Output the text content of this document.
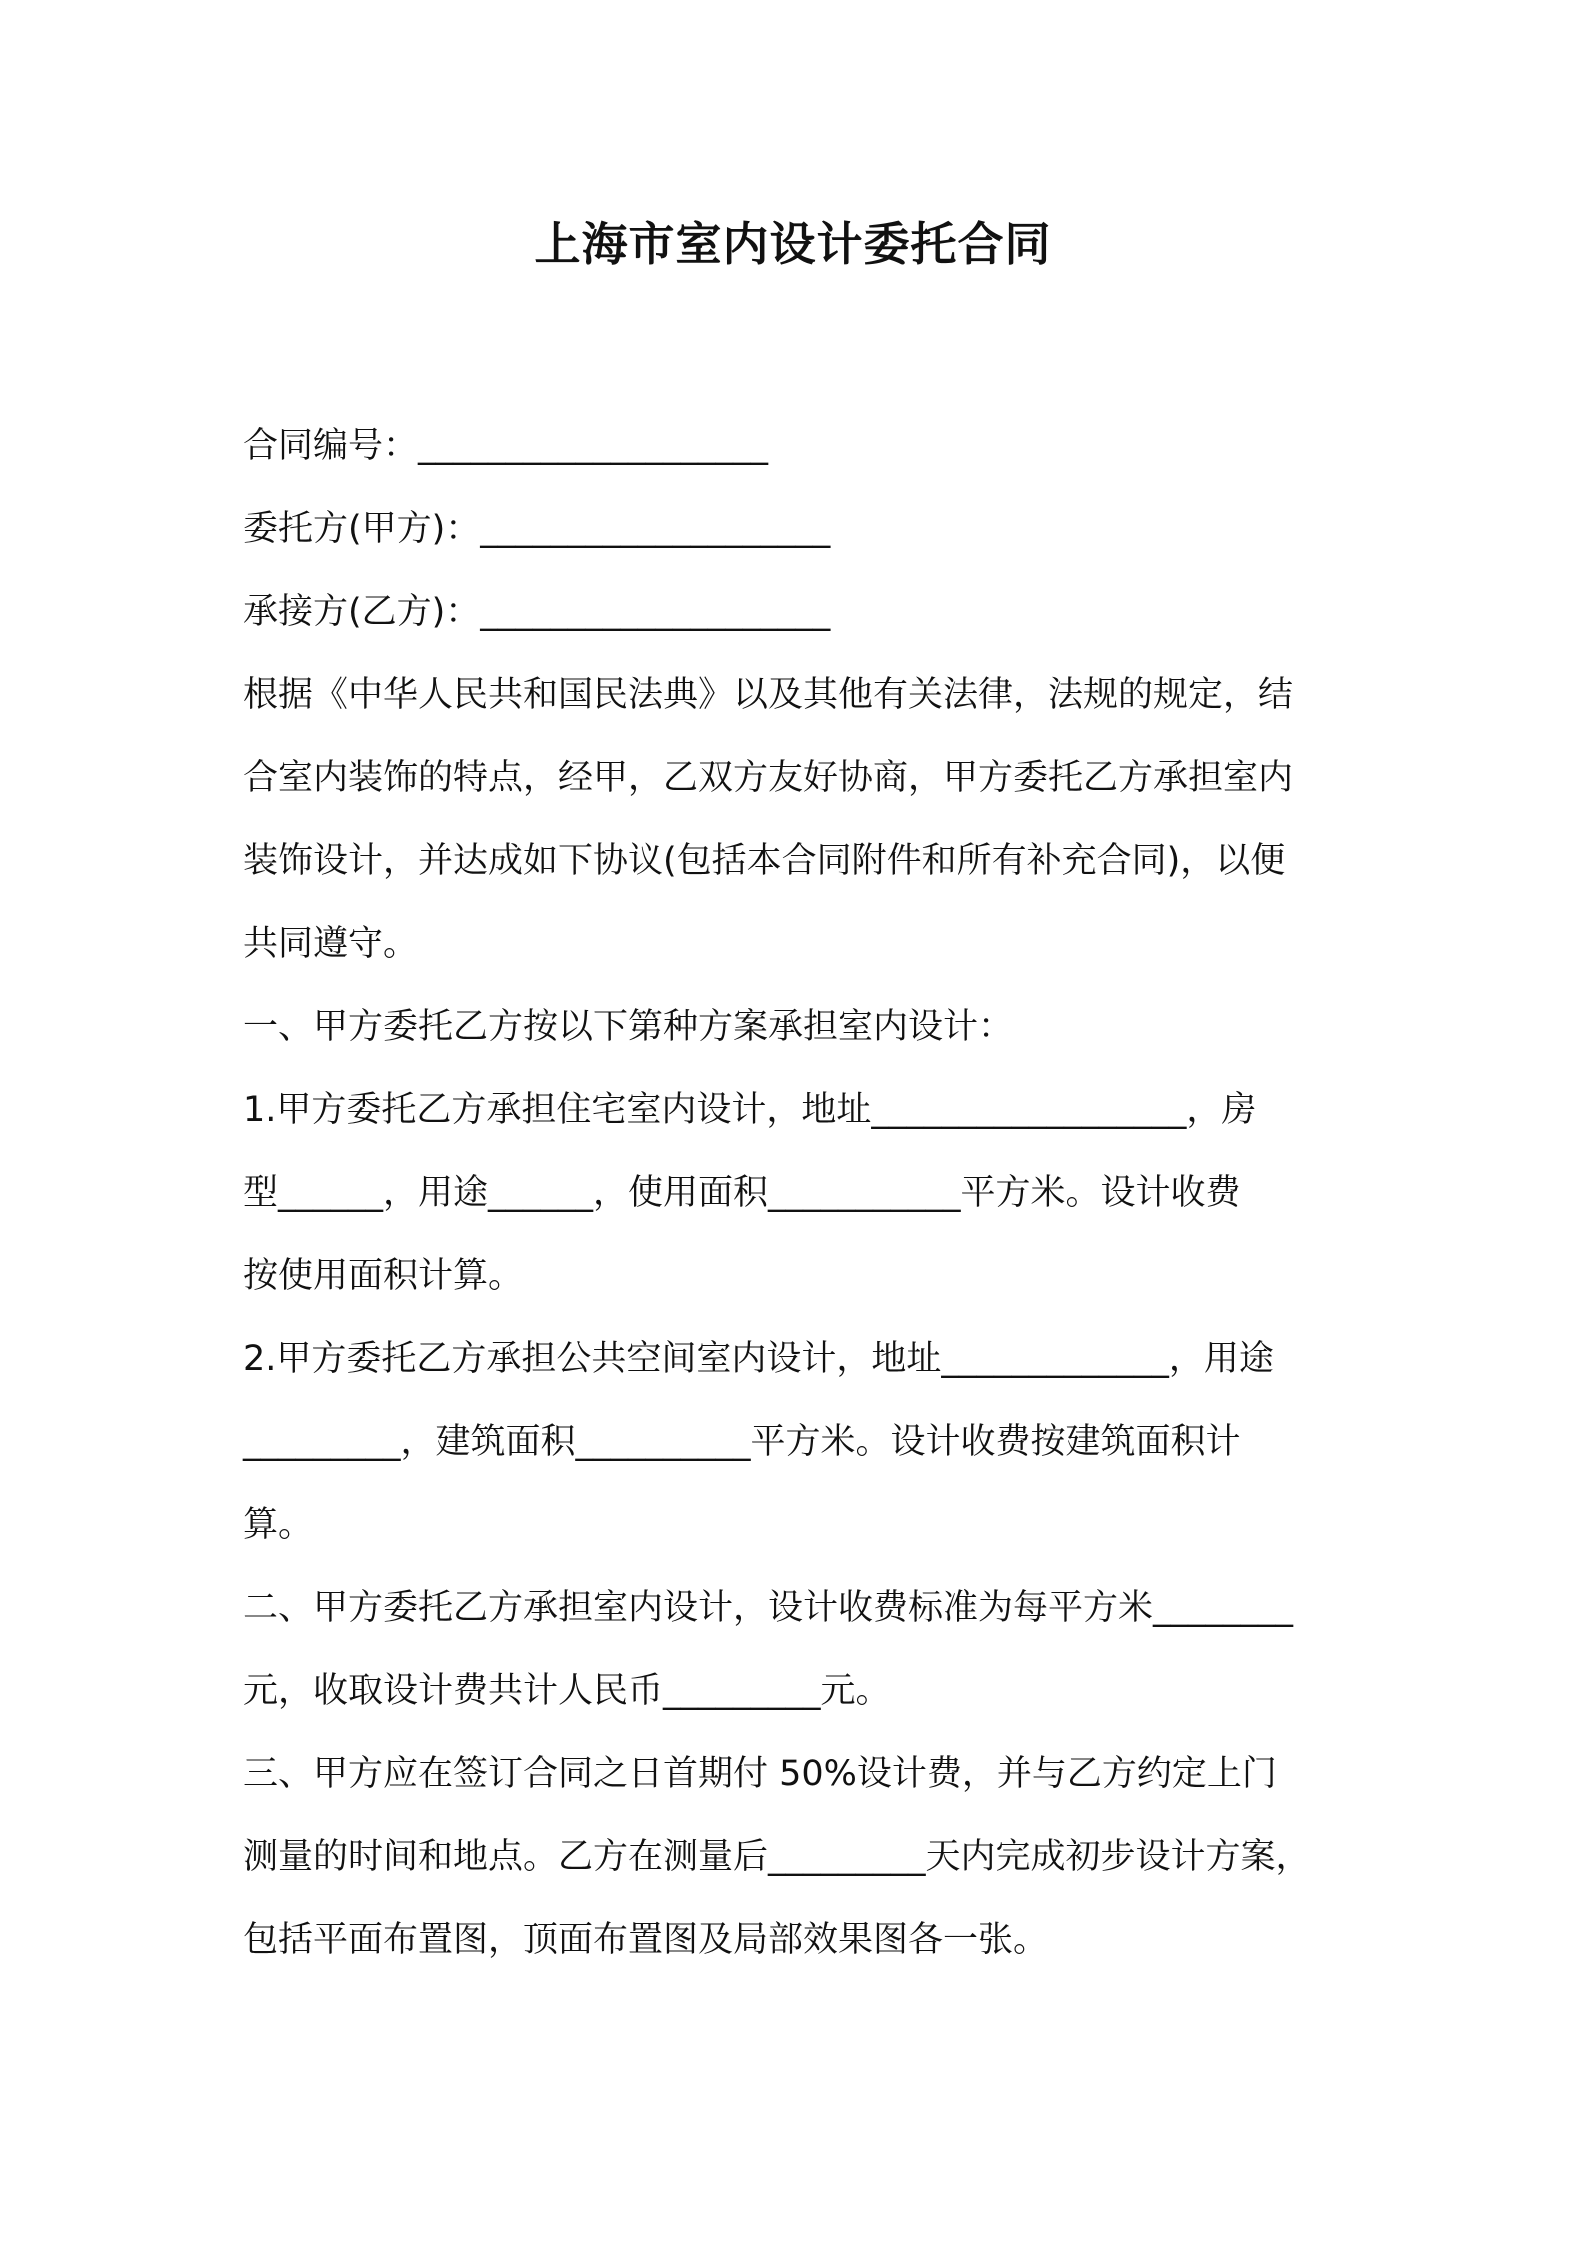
上海市室内设计委托合同

合同编号：____________________

委托方(甲方)：____________________

承接方(乙方)：____________________

根据《中华人民共和国民法典》以及其他有关法律，法规的规定，结

合室内装饰的特点，经甲，乙双方友好协商，甲方委托乙方承担室内

装饰设计，并达成如下协议(包括本合同附件和所有补充合同)，以便

共同遵守。

一、甲方委托乙方按以下第种方案承担室内设计：

1.甲方委托乙方承担住宅室内设计，地址__________________，房

型______，用途______，使用面积___________平方米。设计收费

按使用面积计算。

2.甲方委托乙方承担公共空间室内设计，地址_____________，用途

_________，建筑面积__________平方米。设计收费按建筑面积计

算。

二、甲方委托乙方承担室内设计，设计收费标准为每平方米________

元，收取设计费共计人民币_________元。

三、甲方应在签订合同之日首期付 50%设计费，并与乙方约定上门

测量的时间和地点。乙方在测量后_________天内完成初步设计方案，

包括平面布置图，顶面布置图及局部效果图各一张。
